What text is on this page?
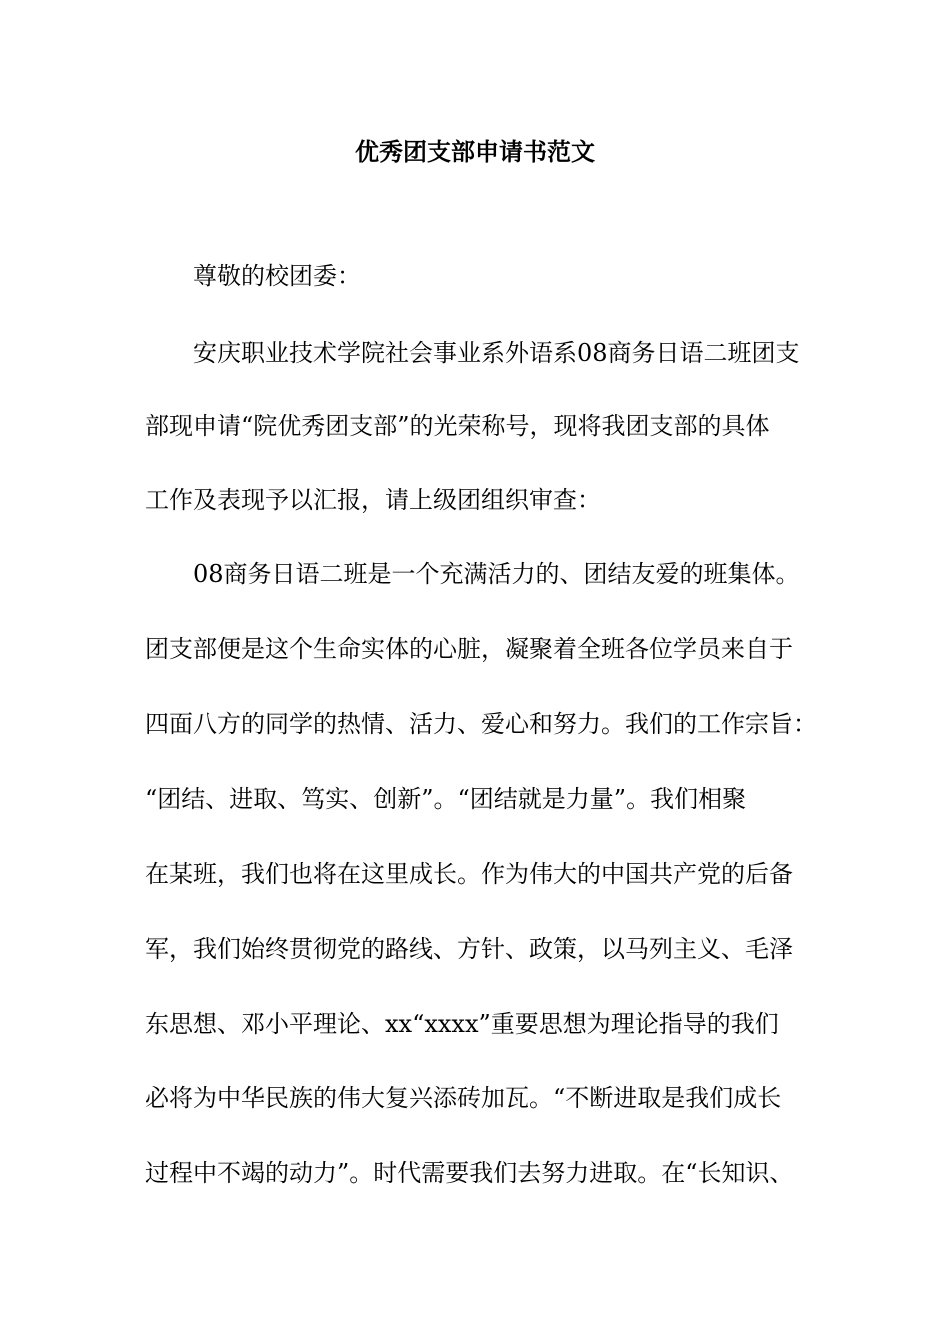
优秀团支部申请书范文
尊敬的校团委：
安庆职业技术学院社会事业系外语系08商务日语二班团支
部现申请“院优秀团支部”的光荣称号，现将我团支部的具体
工作及表现予以汇报，请上级团组织审查：
08商务日语二班是一个充满活力的、团结友爱的班集体。
团支部便是这个生命实体的心脏，凝聚着全班各位学员来自于
四面八方的同学的热情、活力、爱心和努力。我们的工作宗旨：
“团结、进取、笃实、创新”。“团结就是力量”。我们相聚
在某班，我们也将在这里成长。作为伟大的中国共产党的后备
军，我们始终贯彻党的路线、方针、政策，以马列主义、毛泽
东思想、邓小平理论、xx“xxxx”重要思想为理论指导的我们
必将为中华民族的伟大复兴添砖加瓦。“不断进取是我们成长
过程中不竭的动力”。时代需要我们去努力进取。在“长知识、
